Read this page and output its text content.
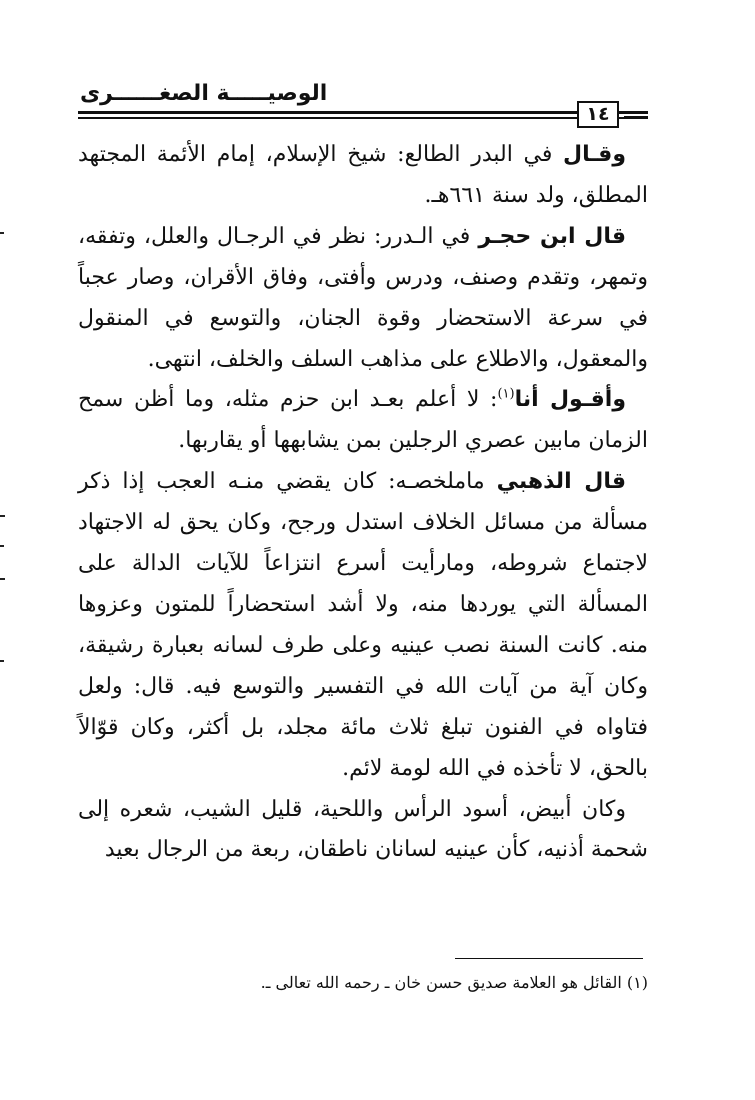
الوصيـــــة الصغــــــرى
١٤

وقـال في البدر الطالع: شيخ الإسلام، إمام الأئمة المجتهد المطلق، ولد سنة ٦٦١هـ.

قال ابن حجـر في الـدرر: نظر في الرجـال والعلل، وتفقه، وتمهر، وتقدم وصنف، ودرس وأفتى، وفاق الأقران، وصار عجباً في سرعة الاستحضار وقوة الجنان، والتوسع في المنقول والمعقول، والاطلاع على مذاهب السلف والخلف، انتهى.

وأقـول أنا$^{(١)}$: لا أعلم بعـد ابن حزم مثله، وما أظن سمح الزمان مابين عصري الرجلين بمن يشابهها أو يقاربها.

قال الذهبي ماملخصـه: كان يقضي منـه العجب إذا ذكر مسألة من مسائل الخلاف استدل ورجح، وكان يحق له الاجتهاد لاجتماع شروطه، ومارأيت أسرع انتزاعاً للآيات الدالة على المسألة التي يوردها منه، ولا أشد استحضاراً للمتون وعزوها منه. كانت السنة نصب عينيه وعلى طرف لسانه بعبارة رشيقة، وكان آية من آيات الله في التفسير والتوسع فيه. قال: ولعل فتاواه في الفنون تبلغ ثلاث مائة مجلد، بل أكثر، وكان قوّالاً بالحق، لا تأخذه في الله لومة لائم.

وكان أبيض، أسود الرأس واللحية، قليل الشيب، شعره إلى شحمة أذنيه، كأن عينيه لسانان ناطقان، ربعة من الرجال بعيد

(١) القائل هو العلامة صديق حسن خان ـ رحمه الله تعالى ـ.
